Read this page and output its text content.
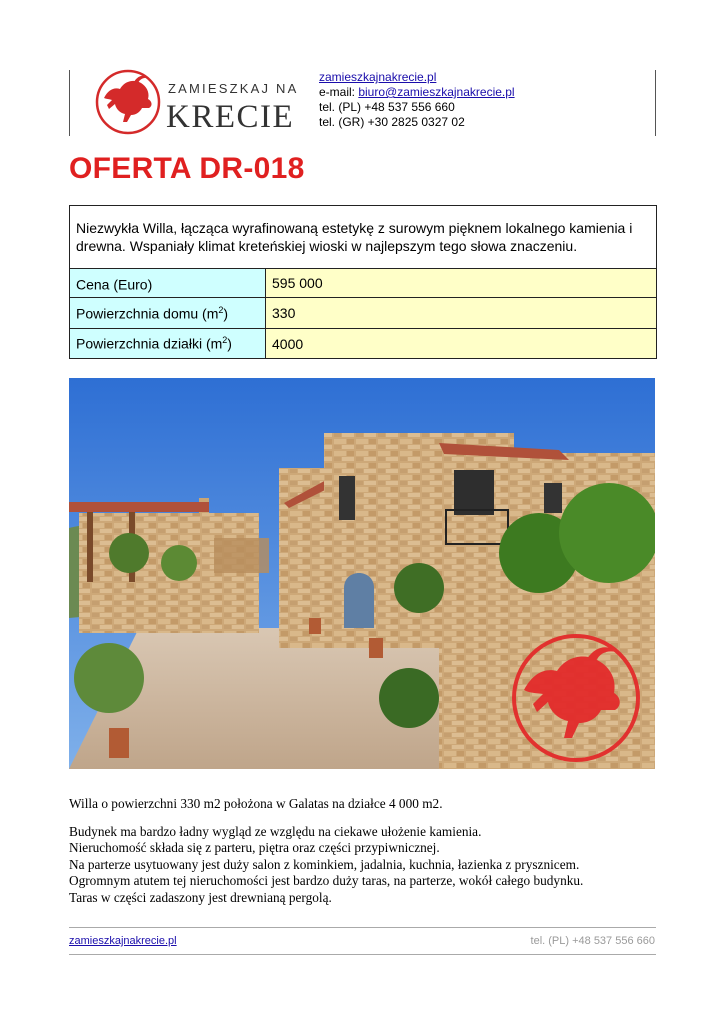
ZAMIESZKAJ NA
KRECIE
zamieszkajnakrecie.pl
e-mail: biuro@zamieszkajnakrecie.pl
tel. (PL) +48 537 556 660
tel. (GR) +30 2825 0327 02
OFERTA DR-018
Niezwykła Willa, łącząca wyrafinowaną estetykę z surowym pięknem lokalnego kamienia i drewna. Wspaniały klimat kreteńskiej wioski w najlepszym tego słowa znaczeniu.	
Cena (Euro)	595 000
Powierzchnia domu $(m^2)$	330
Powierzchnia działki $(m^2)$	4000
Willa o powierzchni 330 m2 położona w Galatas na działce 4 000 m2.
Budynek ma bardzo ładny wygląd ze względu na ciekawe ułożenie kamienia.
Nieruchomość składa się z parteru, piętra oraz części przypiwnicznej.
Na parterze usytuowany jest duży salon z kominkiem, jadalnia, kuchnia, łazienka z prysznicem.
Ogromnym atutem tej nieruchomości jest bardzo duży taras, na parterze, wokół całego budynku.
Taras w części zadaszony jest drewnianą pergolą.
zamieszkajnakrecie.pl	tel. (PL) +48 537 556 660
